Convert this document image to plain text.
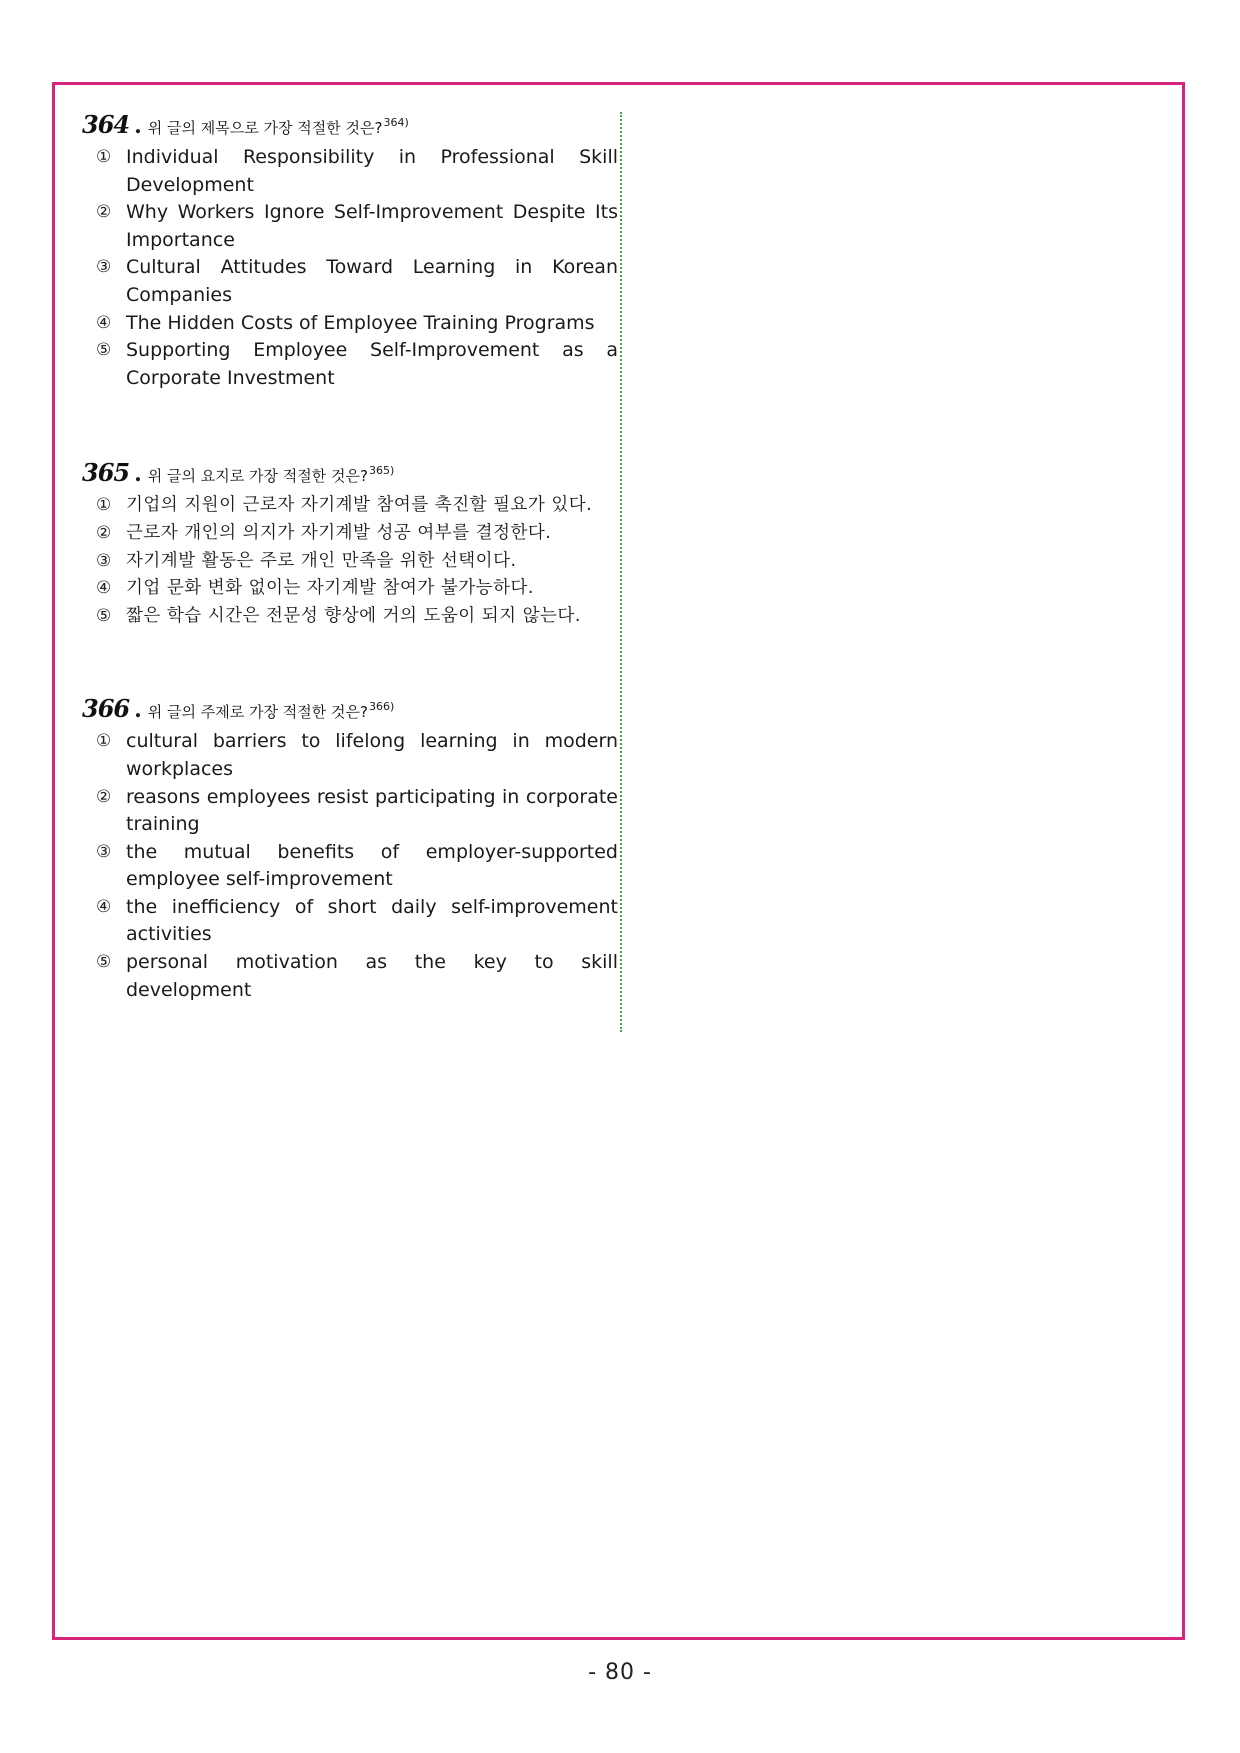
364 . 위 글의 제목으로 가장 적절한 것은? 364)
① Individual Responsibility in Professional Skill Development
② Why Workers Ignore Self-Improvement Despite Its Importance
③ Cultural Attitudes Toward Learning in Korean Companies
④ The Hidden Costs of Employee Training Programs
⑤ Supporting Employee Self-Improvement as a Corporate Investment
365 . 위 글의 요지로 가장 적절한 것은? 365)
① 기업의 지원이 근로자 자기계발 참여를 촉진할 필요가 있다.
② 근로자 개인의 의지가 자기계발 성공 여부를 결정한다.
③ 자기계발 활동은 주로 개인 만족을 위한 선택이다.
④ 기업 문화 변화 없이는 자기계발 참여가 불가능하다.
⑤ 짧은 학습 시간은 전문성 향상에 거의 도움이 되지 않는다.
366 . 위 글의 주제로 가장 적절한 것은? 366)
① cultural barriers to lifelong learning in modern workplaces
② reasons employees resist participating in corporate training
③ the mutual benefits of employer-supported employee self-improvement
④ the inefficiency of short daily self-improvement activities
⑤ personal motivation as the key to skill development
- 80 -
